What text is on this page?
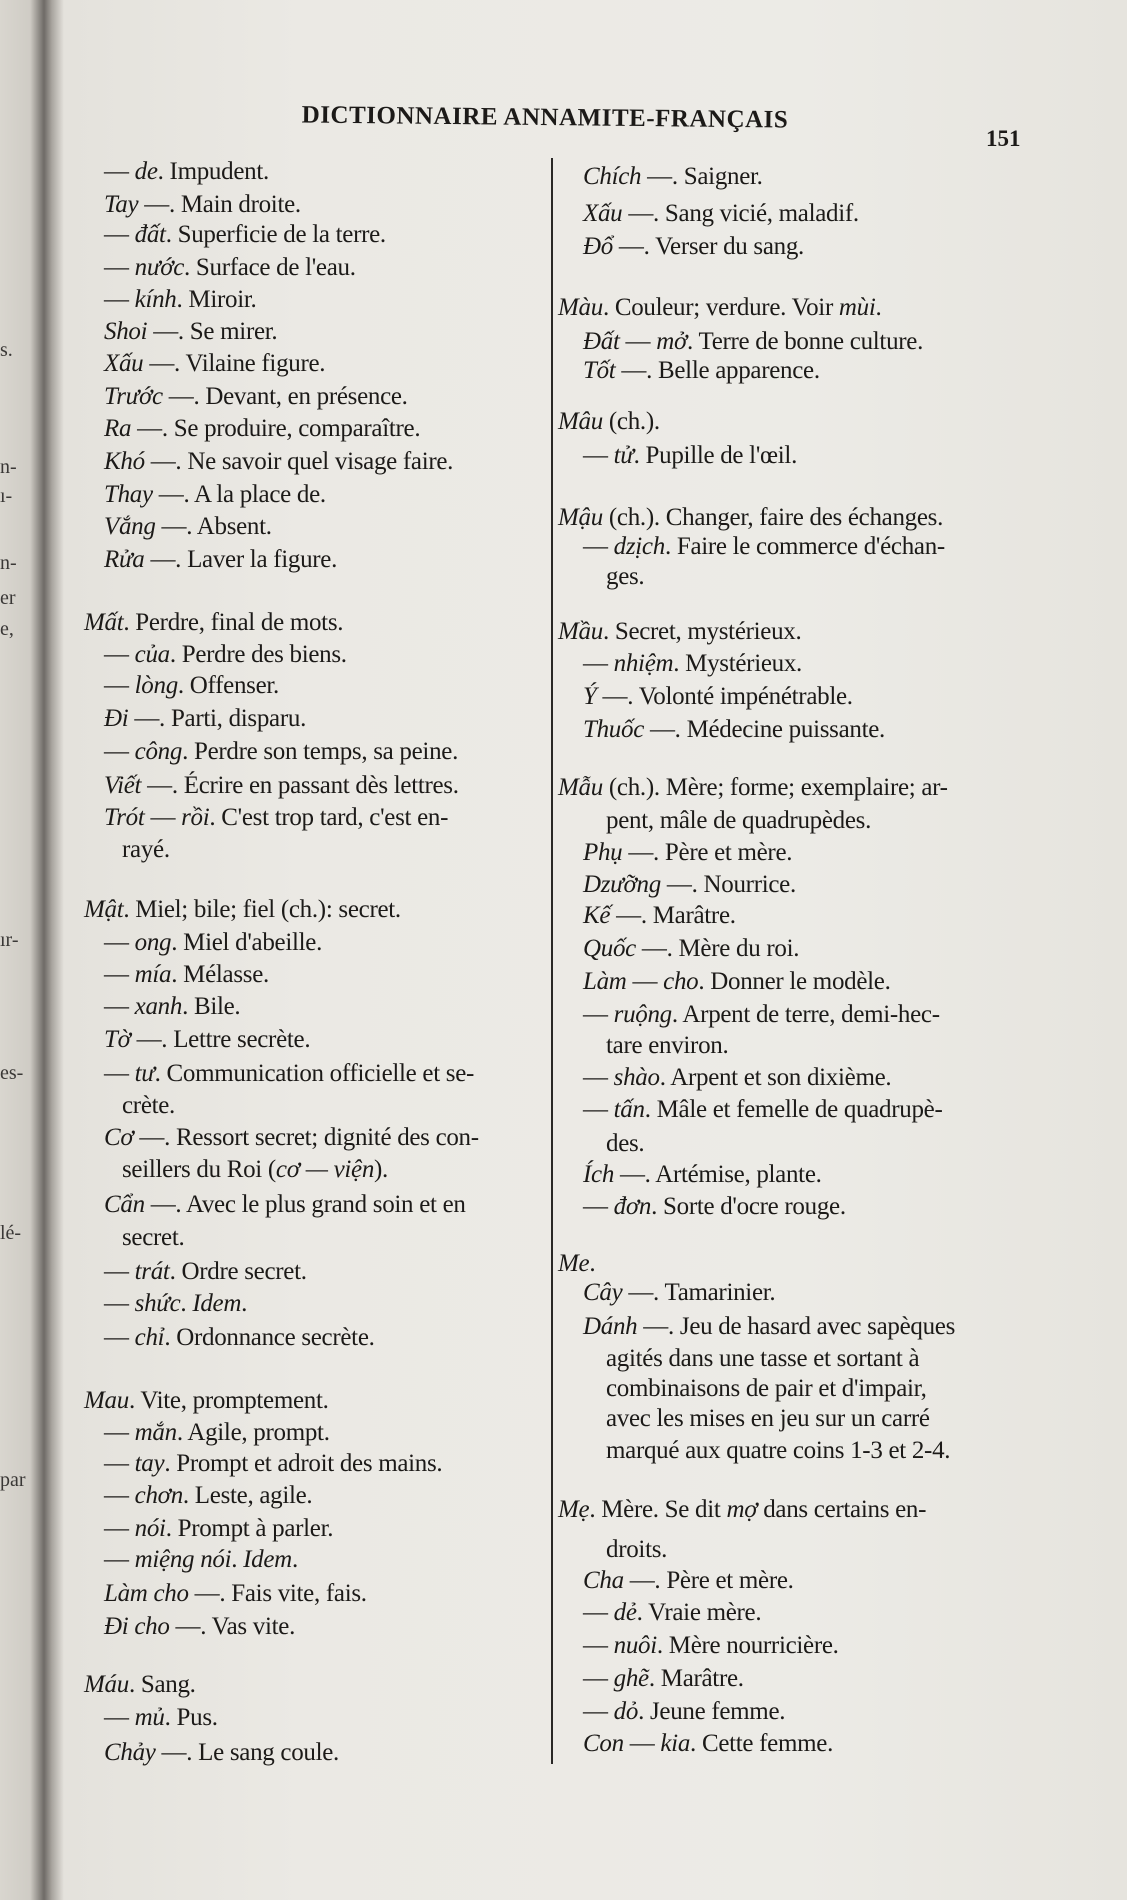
DICTIONNAIRE ANNAMITE-FRANÇAIS
151
s.
n-
ı-
n-
er
e,
ır-
es-
lé-
par
— de. Impudent.
Tay —. Main droite.
— đất. Superficie de la terre.
— nước. Surface de l'eau.
— kính. Miroir.
Shoi —. Se mirer.
Xấu —. Vilaine figure.
Trước —. Devant, en présence.
Ra —. Se produire, comparaître.
Khó —. Ne savoir quel visage faire.
Thay —. A la place de.
Vắng —. Absent.
Rửa —. Laver la figure.
Mất. Perdre, final de mots.
— của. Perdre des biens.
— lòng. Offenser.
Đi —. Parti, disparu.
— công. Perdre son temps, sa peine.
Viết —. Écrire en passant dès lettres.
Trót — rồi. C'est trop tard, c'est en-
rayé.
Mật. Miel; bile; fiel (ch.): secret.
— ong. Miel d'abeille.
— mía. Mélasse.
— xanh. Bile.
Tờ —. Lettre secrète.
— tư. Communication officielle et se-
crète.
Cơ —. Ressort secret; dignité des con-
seillers du Roi (cơ — viện).
Cẩn —. Avec le plus grand soin et en
secret.
— trát. Ordre secret.
— shức. Idem.
— chỉ. Ordonnance secrète.
Mau. Vite, promptement.
— mắn. Agile, prompt.
— tay. Prompt et adroit des mains.
— chơn. Leste, agile.
— nói. Prompt à parler.
— miệng nói. Idem.
Làm cho —. Fais vite, fais.
Đi cho —. Vas vite.
Máu. Sang.
— mủ. Pus.
Chảy —. Le sang coule.
Chích —. Saigner.
Xấu —. Sang vicié, maladif.
Đổ —. Verser du sang.
Màu. Couleur; verdure. Voir mùi.
Đất — mở. Terre de bonne culture.
Tốt —. Belle apparence.
Mâu (ch.).
— tử. Pupille de l'œil.
Mậu (ch.). Changer, faire des échanges.
— dzịch. Faire le commerce d'échan-
ges.
Mầu. Secret, mystérieux.
— nhiệm. Mystérieux.
Ý —. Volonté impénétrable.
Thuốc —. Médecine puissante.
Mẫu (ch.). Mère; forme; exemplaire; ar-
pent, mâle de quadrupèdes.
Phụ —. Père et mère.
Dzưỡng —. Nourrice.
Kế —. Marâtre.
Quốc —. Mère du roi.
Làm — cho. Donner le modèle.
— ruộng. Arpent de terre, demi-hec-
tare environ.
— shào. Arpent et son dixième.
— tấn. Mâle et femelle de quadrupè-
des.
Ích —. Artémise, plante.
— đơn. Sorte d'ocre rouge.
Me.
Cây —. Tamarinier.
Dánh —. Jeu de hasard avec sapèques
agités dans une tasse et sortant à
combinaisons de pair et d'impair,
avec les mises en jeu sur un carré
marqué aux quatre coins 1-3 et 2-4.
Mẹ. Mère. Se dit mợ dans certains en-
droits.
Cha —. Père et mère.
— dẻ. Vraie mère.
— nuôi. Mère nourricière.
— ghẽ. Marâtre.
— dỏ. Jeune femme.
Con — kia. Cette femme.
